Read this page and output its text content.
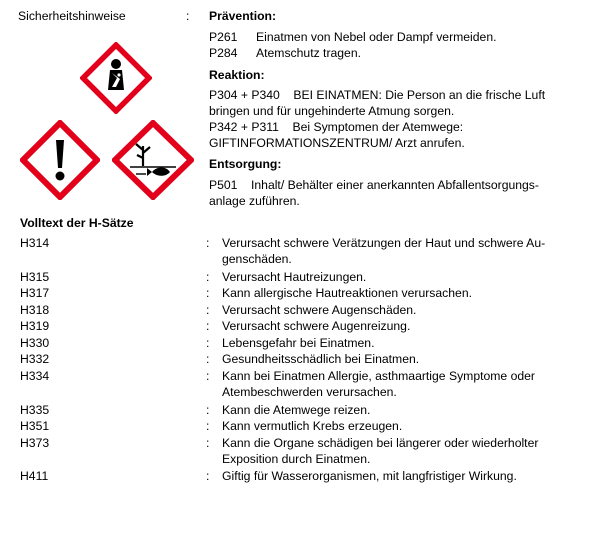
Sicherheitshinweise	: Prävention:
P261 Einatmen von Nebel oder Dampf vermeiden.
P284 Atemschutz tragen.
Reaktion:
P304 + P340    BEI EINATMEN: Die Person an die frische Luft
bringen und für ungehinderte Atmung sorgen.
P342 + P311    Bei Symptomen der Atemwege:
GIFTINFORMATIONSZENTRUM/ Arzt anrufen.
Entsorgung:
P501    Inhalt/ Behälter einer anerkannten Abfallentsorgungs-
anlage zuführen.
Volltext der H-Sätze
H314	: Verursacht schwere Verätzungen der Haut und schwere Au-genschäden.
H315	: Verursacht Hautreizungen.
H317	: Kann allergische Hautreaktionen verursachen.
H318	: Verursacht schwere Augenschäden.
H319	: Verursacht schwere Augenreizung.
H330	: Lebensgefahr bei Einatmen.
H332	: Gesundheitsschädlich bei Einatmen.
H334	: Kann bei Einatmen Allergie, asthmaartige Symptome oder Atembeschwerden verursachen.
H335	: Kann die Atemwege reizen.
H351	: Kann vermutlich Krebs erzeugen.
H373	: Kann die Organe schädigen bei längerer oder wiederholter Exposition durch Einatmen.
H411	: Giftig für Wasserorganismen, mit langfristiger Wirkung.
